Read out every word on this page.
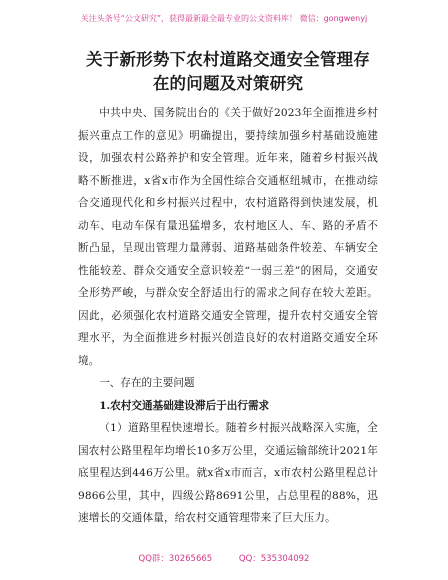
关注头条号“公文研究”，获得最新最全最专业的公文资料库！ 微信：gongwenyj
关于新形势下农村道路交通安全管理存在的问题及对策研究

中共中央、国务院出台的《关于做好2023年全面推进乡村振兴重点工作的意见》明确提出，要持续加强乡村基础设施建设，加强农村公路养护和安全管理。近年来，随着乡村振兴战略不断推进，x省x市作为全国性综合交通枢纽城市，在推动综合交通现代化和乡村振兴过程中，农村道路得到快速发展，机动车、电动车保有量迅猛增多，农村地区人、车、路的矛盾不断凸显，呈现出管理力量薄弱、道路基础条件较差、车辆安全性能较差、群众交通安全意识较差“一弱三差”的困局，交通安全形势严峻，与群众安全舒适出行的需求之间存在较大差距。因此，必须强化农村道路交通安全管理，提升农村交通安全管理水平，为全面推进乡村振兴创造良好的农村道路交通安全环境。

一、存在的主要问题

1.农村交通基础建设滞后于出行需求

（1）道路里程快速增长。随着乡村振兴战略深入实施，全国农村公路里程年均增长10多万公里，交通运输部统计2021年底里程达到446万公里。就x省x市而言，x市农村公路里程总计9866公里，其中，四级公路8691公里，占总里程的88%，迅速增长的交通体量，给农村交通管理带来了巨大压力。

QQ群：30265665	QQ：535304092
